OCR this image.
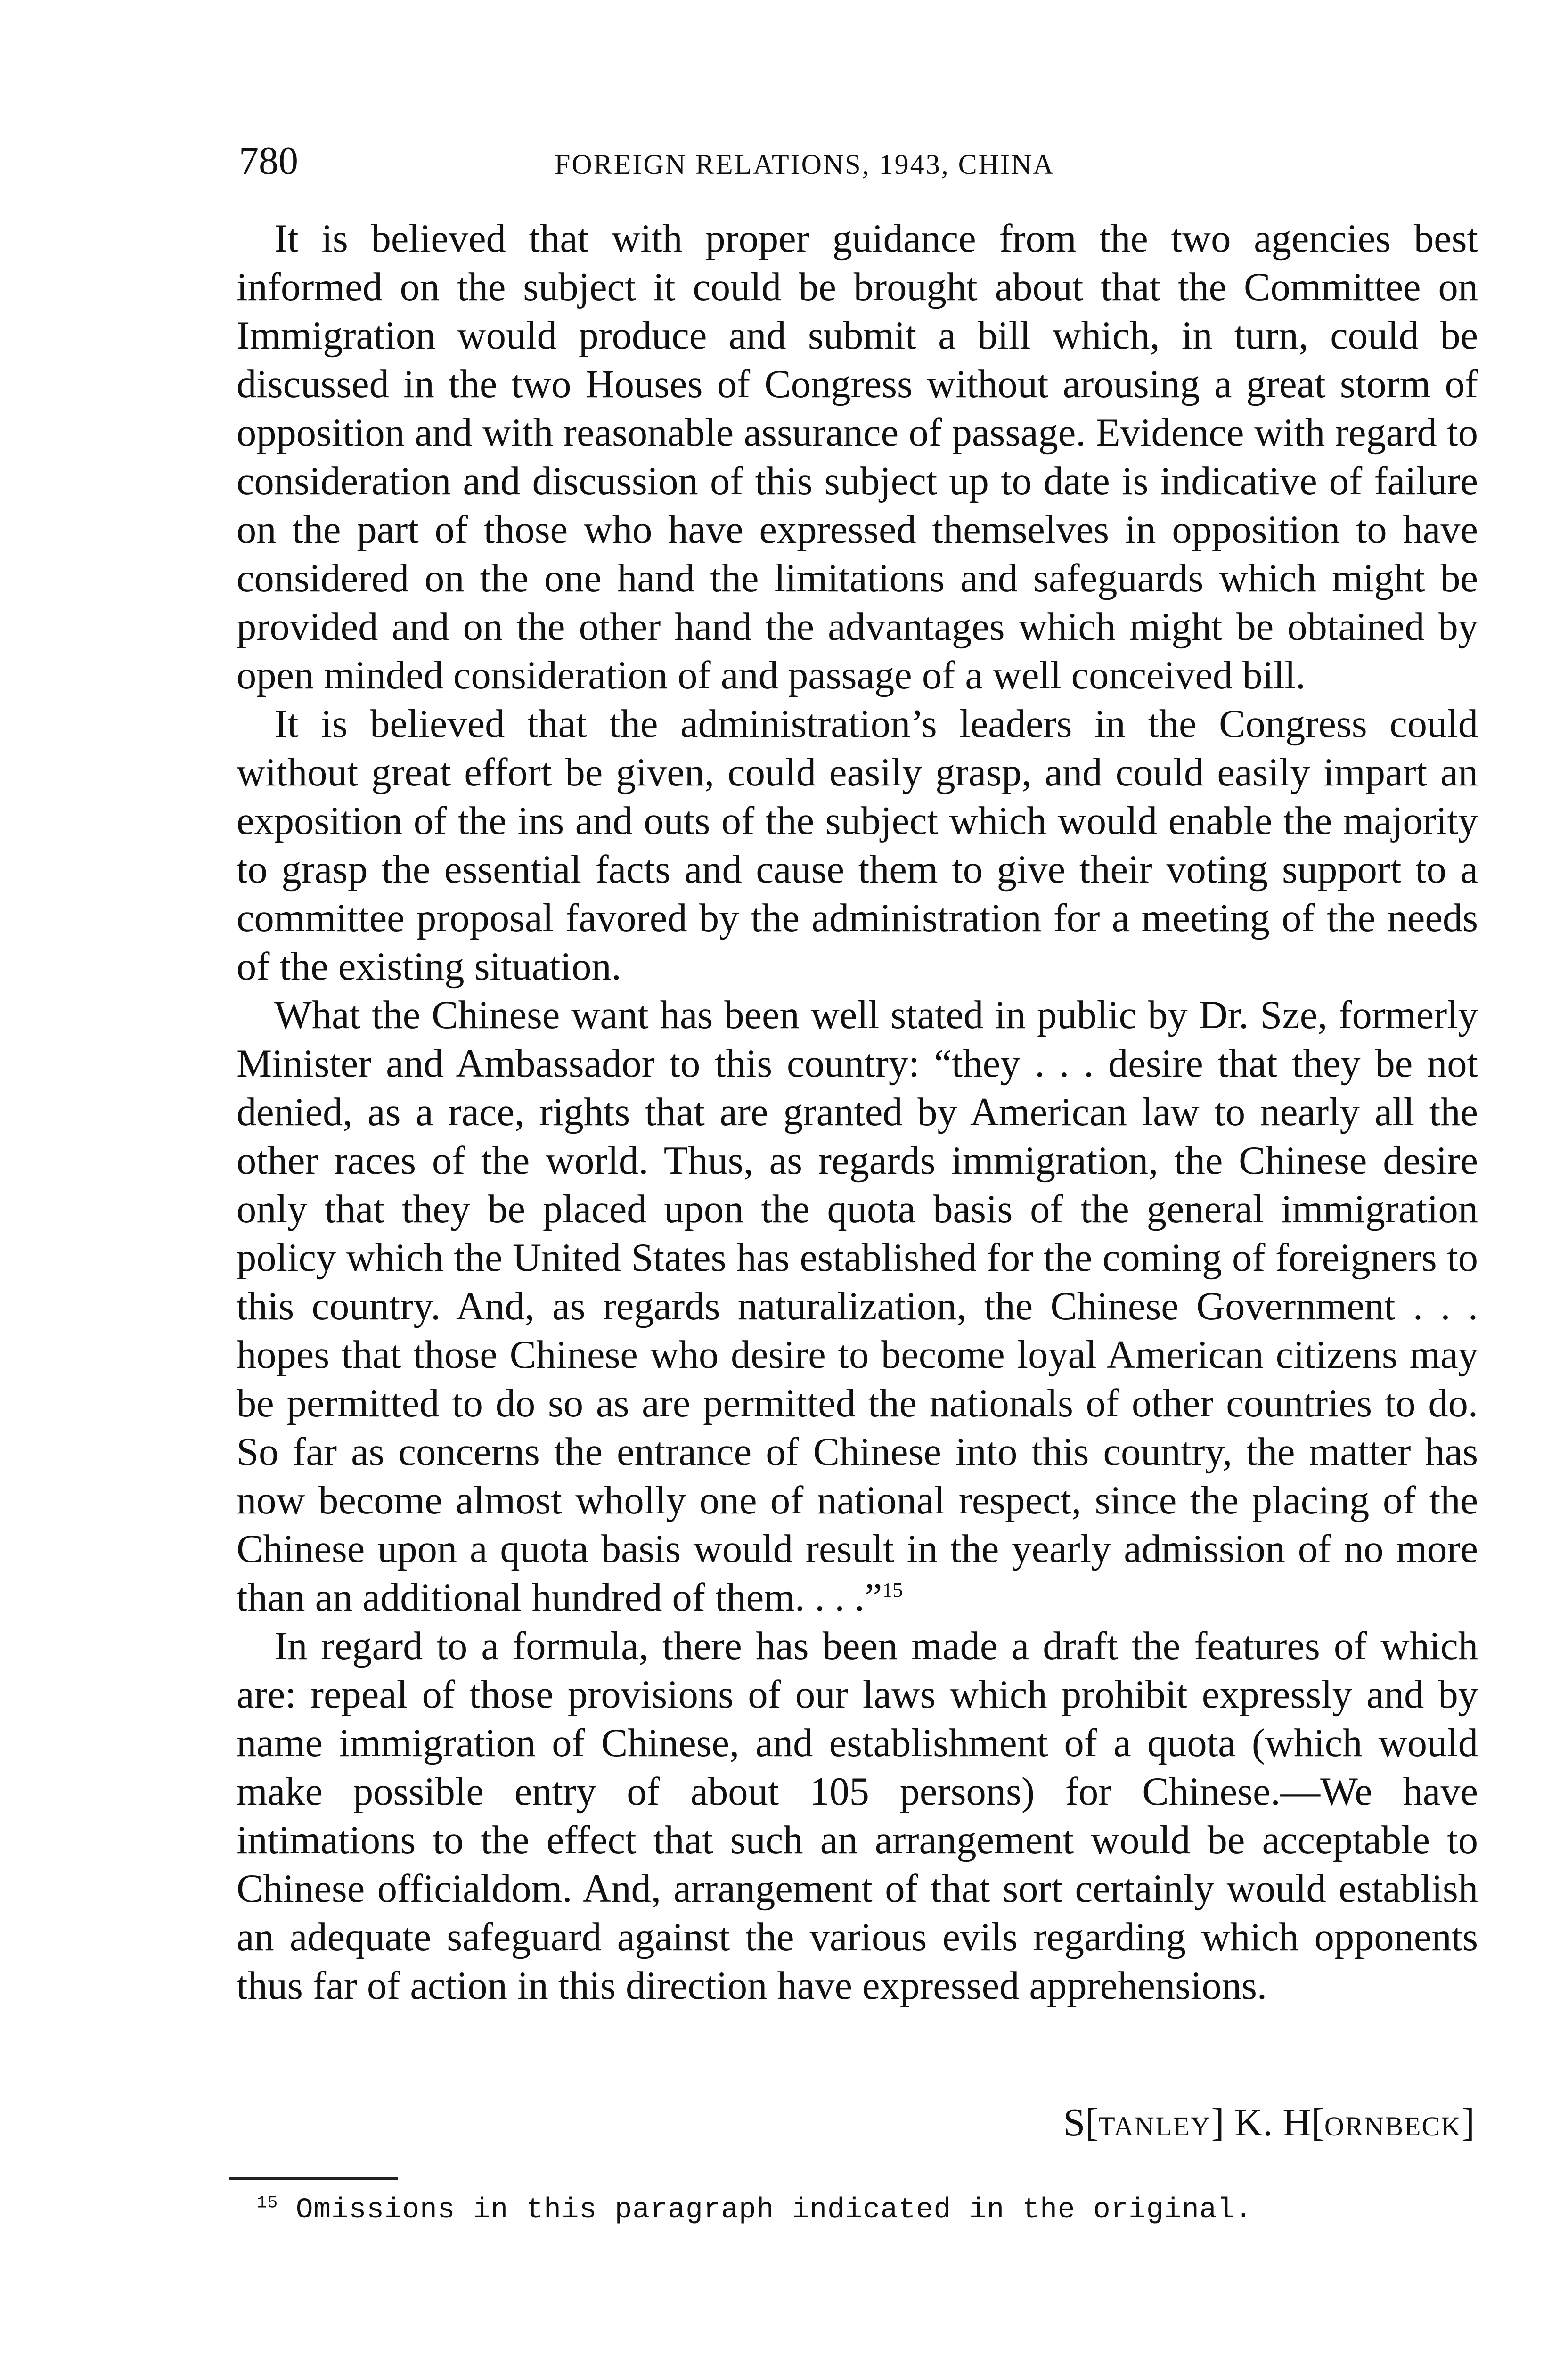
780	FOREIGN RELATIONS, 1943, CHINA

It is believed that with proper guidance from the two agencies best informed on the subject it could be brought about that the Committee on Immigration would produce and submit a bill which, in turn, could be discussed in the two Houses of Congress without arousing a great storm of opposition and with reasonable assurance of passage. Evidence with regard to consideration and discussion of this subject up to date is indicative of failure on the part of those who have expressed themselves in opposition to have considered on the one hand the limitations and safeguards which might be provided and on the other hand the advantages which might be obtained by open minded consideration of and passage of a well conceived bill.

It is believed that the administration’s leaders in the Congress could without great effort be given, could easily grasp, and could easily impart an exposition of the ins and outs of the subject which would enable the majority to grasp the essential facts and cause them to give their voting support to a committee proposal favored by the administration for a meeting of the needs of the existing situation.

What the Chinese want has been well stated in public by Dr. Sze, formerly Minister and Ambassador to this country: “they . . . desire that they be not denied, as a race, rights that are granted by American law to nearly all the other races of the world. Thus, as regards immigration, the Chinese desire only that they be placed upon the quota basis of the general immigration policy which the United States has established for the coming of foreigners to this country. And, as regards naturalization, the Chinese Government . . . hopes that those Chinese who desire to become loyal American citizens may be permitted to do so as are permitted the nationals of other countries to do. So far as concerns the entrance of Chinese into this country, the matter has now become almost wholly one of national respect, since the placing of the Chinese upon a quota basis would result in the yearly admission of no more than an additional hundred of them. . . .”$^{15}$

In regard to a formula, there has been made a draft the features of which are: repeal of those provisions of our laws which prohibit expressly and by name immigration of Chinese, and establishment of a quota (which would make possible entry of about 105 persons) for Chinese.—We have intimations to the effect that such an arrangement would be acceptable to Chinese officialdom. And, arrangement of that sort certainly would establish an adequate safeguard against the various evils regarding which opponents thus far of action in this direction have expressed apprehensions.

S[TANLEY] K. H[ORNBECK]
$^{15}$ Omissions in this paragraph indicated in the original.
